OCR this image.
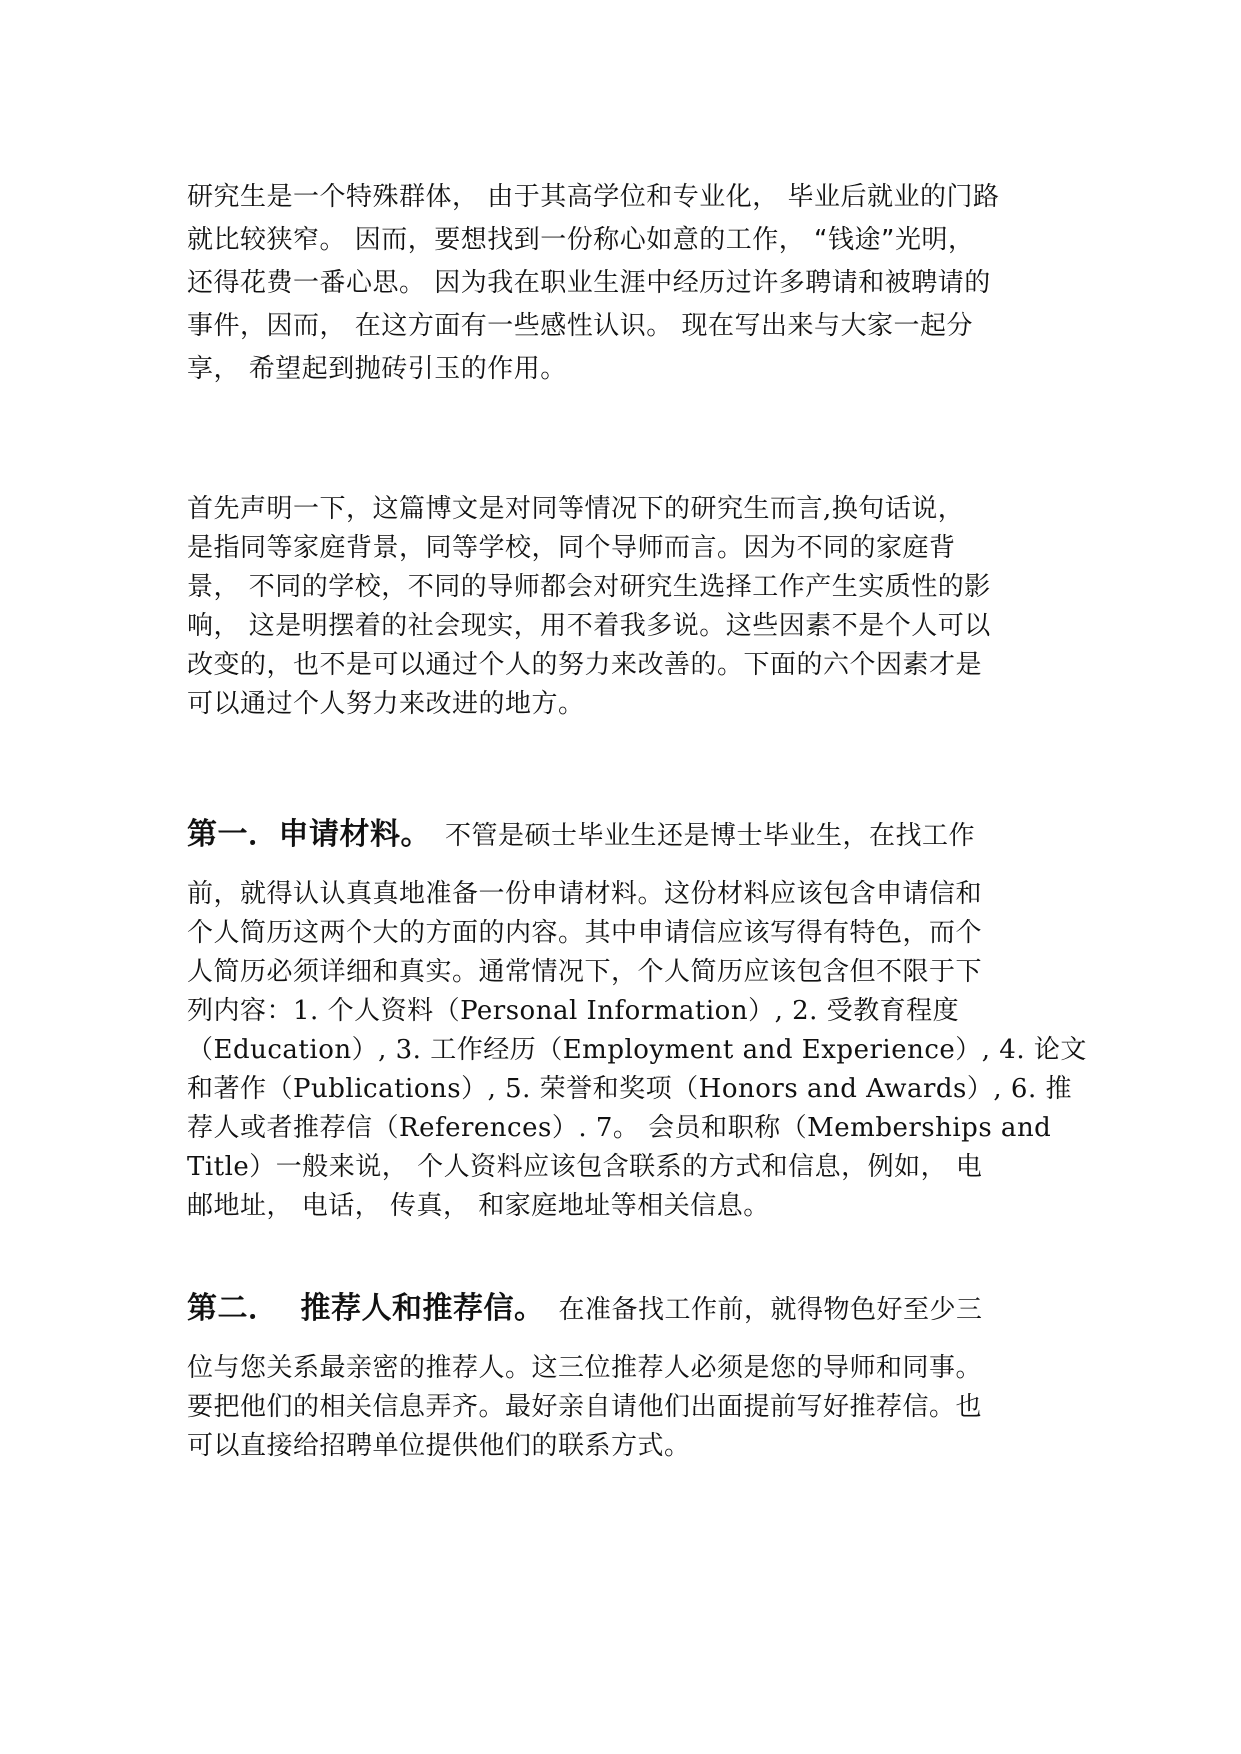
研究生是一个特殊群体， 由于其高学位和专业化， 毕业后就业的门路
就比较狭窄。 因而，要想找到一份称心如意的工作， “钱途”光明，
还得花费一番心思。 因为我在职业生涯中经历过许多聘请和被聘请的
事件，因而， 在这方面有一些感性认识。 现在写出来与大家一起分
享， 希望起到抛砖引玉的作用。
首先声明一下，这篇博文是对同等情况下的研究生而言,换句话说，
是指同等家庭背景，同等学校，同个导师而言。因为不同的家庭背
景， 不同的学校，不同的导师都会对研究生选择工作产生实质性的影
响， 这是明摆着的社会现实，用不着我多说。这些因素不是个人可以
改变的，也不是可以通过个人的努力来改善的。下面的六个因素才是
可以通过个人努力来改进的地方。
第一．申请材料。 不管是硕士毕业生还是博士毕业生，在找工作
前，就得认认真真地准备一份申请材料。这份材料应该包含申请信和
个人简历这两个大的方面的内容。其中申请信应该写得有特色，而个
人简历必须详细和真实。通常情况下，个人简历应该包含但不限于下
列内容：1. 个人资料（Personal Information）, 2. 受教育程度
（Education）, 3. 工作经历（Employment and Experience）, 4. 论文
和著作（Publications）, 5. 荣誉和奖项（Honors and Awards）, 6. 推
荐人或者推荐信（References）. 7。 会员和职称（Memberships and
Title）一般来说， 个人资料应该包含联系的方式和信息，例如， 电
邮地址， 电话， 传真， 和家庭地址等相关信息。
第二． 推荐人和推荐信。 在准备找工作前，就得物色好至少三
位与您关系最亲密的推荐人。这三位推荐人必须是您的导师和同事。
要把他们的相关信息弄齐。最好亲自请他们出面提前写好推荐信。也
可以直接给招聘单位提供他们的联系方式。
